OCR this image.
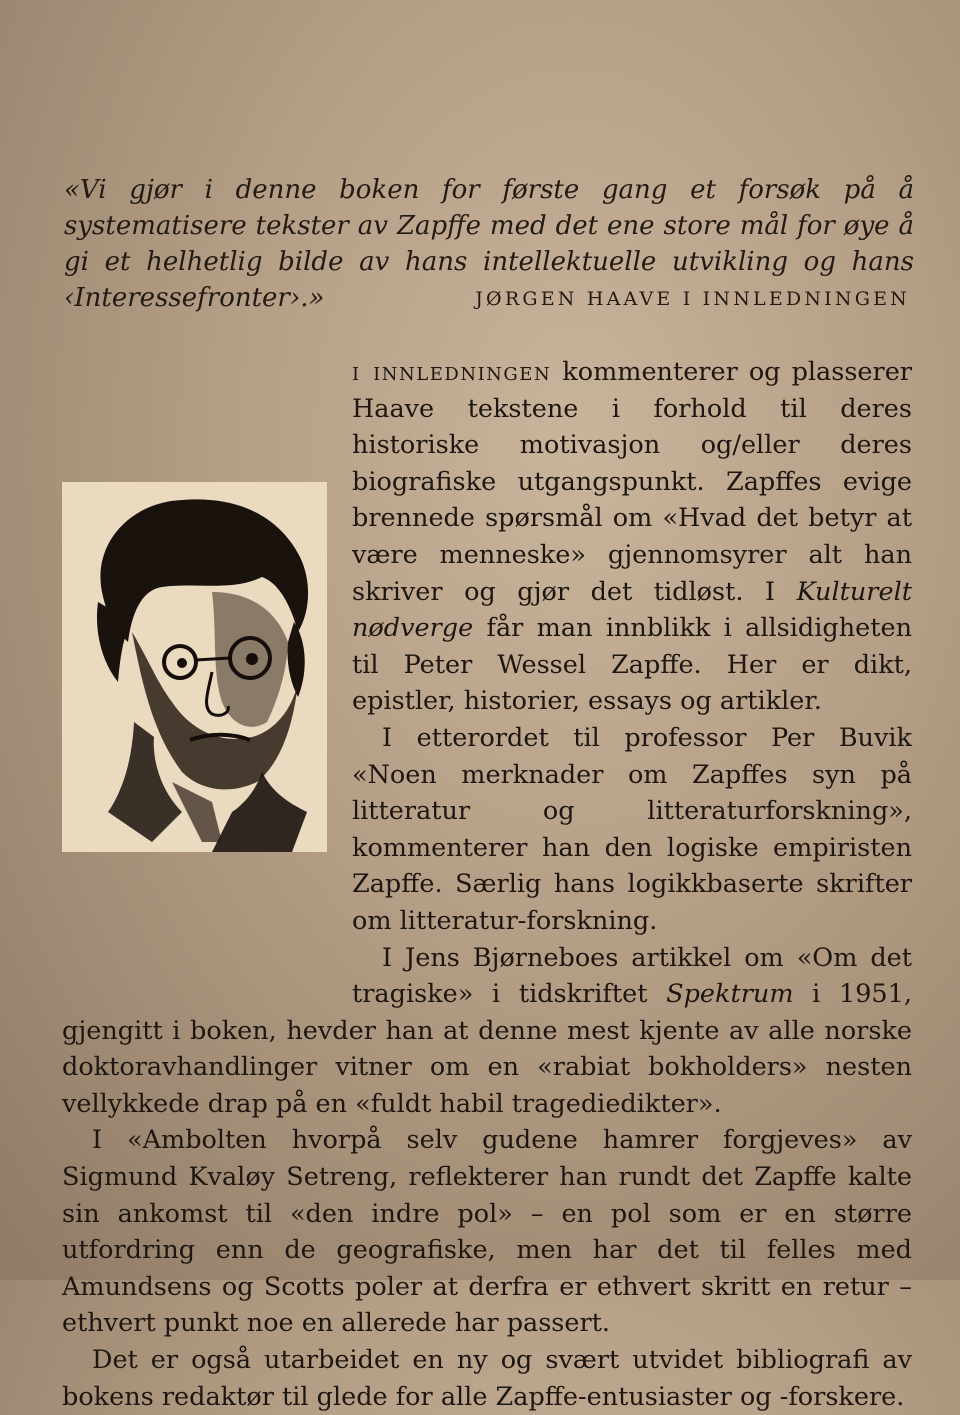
«Vi gjør i denne boken for første gang et forsøk på å systematisere tekster av Zapffe med det ene store mål for øye å gi et helhetlig bilde av hans intellektuelle utvikling og hans ‹Interessefronter›.»	JØRGEN HAAVE I INNLEDNINGEN

i innledningen kommenterer og plasserer Haave tekstene i forhold til deres historiske motivasjon og/eller deres biografiske utgangspunkt. Zapffes evige brennede spørsmål om «Hvad det betyr at være menneske» gjennomsyrer alt han skriver og gjør det tidløst. I Kulturelt nødverge får man innblikk i allsidigheten til Peter Wessel Zapffe. Her er dikt, epistler, historier, essays og artikler.

I etterordet til professor Per Buvik «Noen merknader om Zapffes syn på litteratur og litteraturforskning», kommenterer han den logiske empiristen Zapffe. Særlig hans logikkbaserte skrifter om litteratur-forskning.

I Jens Bjørneboes artikkel om «Om det tragiske» i tidskriftet Spektrum i 1951, gjengitt i boken, hevder han at denne mest kjente av alle norske doktoravhandlinger vitner om en «rabiat bokholders» nesten vellykkede drap på en «fuldt habil tragediedikter».

I «Ambolten hvorpå selv gudene hamrer forgjeves» av Sigmund Kvaløy Setreng, reflekterer han rundt det Zapffe kalte sin ankomst til «den indre pol» – en pol som er en større utfordring enn de geografiske, men har det til felles med Amundsens og Scotts poler at derfra er ethvert skritt en retur – ethvert punkt noe en allerede har passert.

Det er også utarbeidet en ny og svært utvidet bibliografi av bokens redaktør til glede for alle Zapffe-entusiaster og -forskere.
